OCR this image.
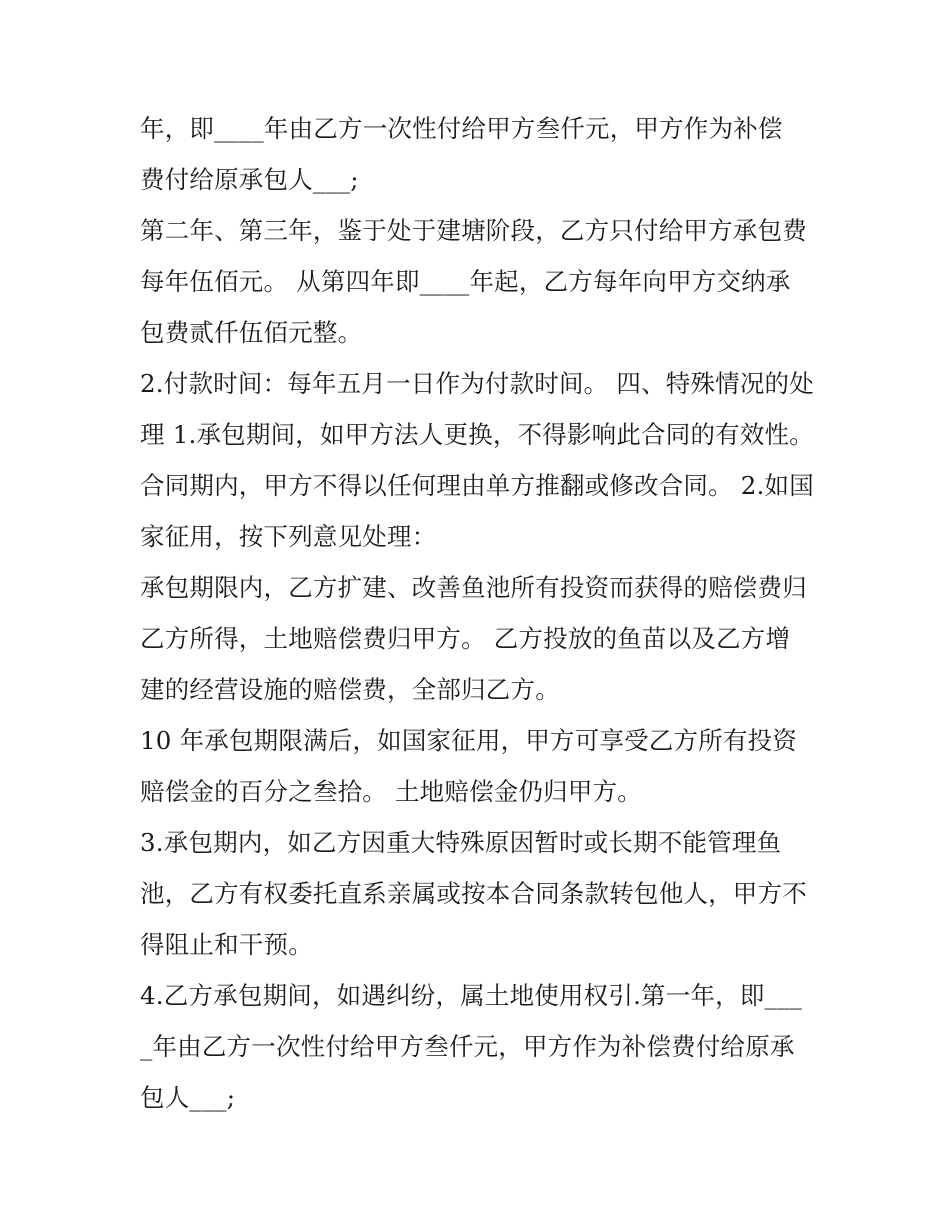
年，即____年由乙方一次性付给甲方叁仟元，甲方作为补偿
费付给原承包人___;
第二年、第三年，鉴于处于建塘阶段，乙方只付给甲方承包费
每年伍佰元。 从第四年即____年起，乙方每年向甲方交纳承
包费贰仟伍佰元整。
2.付款时间：每年五月一日作为付款时间。 四、特殊情况的处
理 1.承包期间，如甲方法人更换，不得影响此合同的有效性。
合同期内，甲方不得以任何理由单方推翻或修改合同。 2.如国
家征用，按下列意见处理：
承包期限内，乙方扩建、改善鱼池所有投资而获得的赔偿费归
乙方所得，土地赔偿费归甲方。 乙方投放的鱼苗以及乙方增
建的经营设施的赔偿费，全部归乙方。
10 年承包期限满后，如国家征用，甲方可享受乙方所有投资
赔偿金的百分之叁拾。 土地赔偿金仍归甲方。
3.承包期内，如乙方因重大特殊原因暂时或长期不能管理鱼
池，乙方有权委托直系亲属或按本合同条款转包他人，甲方不
得阻止和干预。
4.乙方承包期间，如遇纠纷，属土地使用权引.第一年，即___
_年由乙方一次性付给甲方叁仟元，甲方作为补偿费付给原承
包人___;
